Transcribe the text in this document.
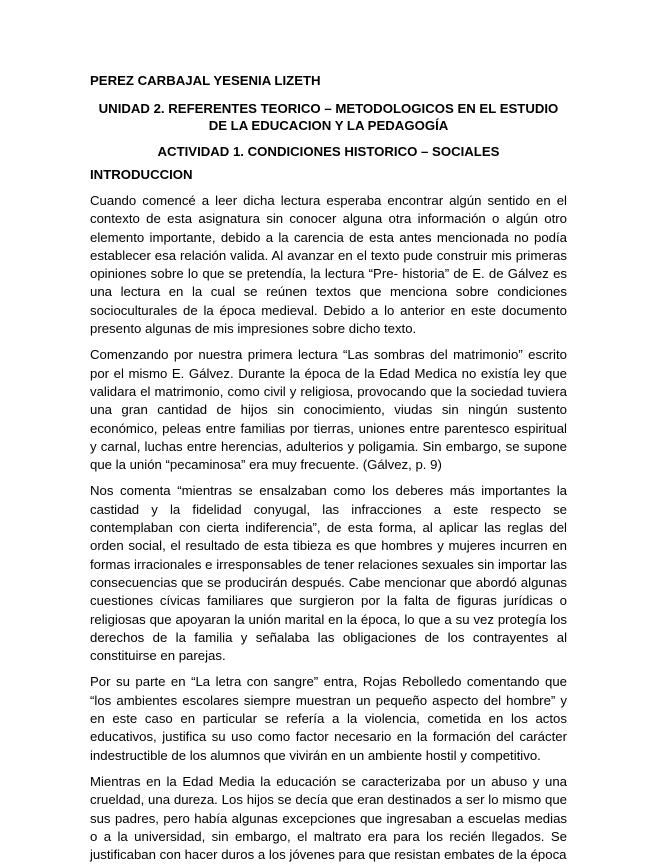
PEREZ CARBAJAL YESENIA LIZETH
UNIDAD 2. REFERENTES TEORICO – METODOLOGICOS EN EL ESTUDIO DE LA EDUCACION Y LA PEDAGOGÍA
ACTIVIDAD 1. CONDICIONES HISTORICO – SOCIALES
INTRODUCCION

Cuando comencé a leer dicha lectura esperaba encontrar algún sentido en el contexto de esta asignatura sin conocer alguna otra información o algún otro elemento importante, debido a la carencia de esta antes mencionada no podía establecer esa relación valida. Al avanzar en el texto pude construir mis primeras opiniones sobre lo que se pretendía, la lectura “Pre- historia” de E. de Gálvez es una lectura en la cual se reúnen textos que menciona sobre condiciones socioculturales de la época medieval. Debido a lo anterior en este documento presento algunas de mis impresiones sobre dicho texto.

Comenzando por nuestra primera lectura “Las sombras del matrimonio” escrito por el mismo E. Gálvez. Durante la época de la Edad Medica no existía ley que validara el matrimonio, como civil y religiosa, provocando que la sociedad tuviera una gran cantidad de hijos sin conocimiento, viudas sin ningún sustento económico, peleas entre familias por tierras, uniones entre parentesco espiritual y carnal, luchas entre herencias, adulterios y poligamia. Sin embargo, se supone que la unión “pecaminosa” era muy frecuente. (Gálvez, p. 9)

Nos comenta “mientras se ensalzaban como los deberes más importantes la castidad y la fidelidad conyugal, las infracciones a este respecto se contemplaban con cierta indiferencia”, de esta forma, al aplicar las reglas del orden social, el resultado de esta tibieza es que hombres y mujeres incurren en formas irracionales e irresponsables de tener relaciones sexuales sin importar las consecuencias que se producirán después. Cabe mencionar que abordó algunas cuestiones cívicas familiares que surgieron por la falta de figuras jurídicas o religiosas que apoyaran la unión marital en la época, lo que a su vez protegía los derechos de la familia y señalaba las obligaciones de los contrayentes al constituirse en parejas.

Por su parte en “La letra con sangre” entra, Rojas Rebolledo comentando que “los ambientes escolares siempre muestran un pequeño aspecto del hombre” y en este caso en particular se refería a la violencia, cometida en los actos educativos, justifica su uso como factor necesario en la formación del carácter indestructible de los alumnos que vivirán en un ambiente hostil y competitivo.

Mientras en la Edad Media la educación se caracterizaba por un abuso y una crueldad, una dureza. Los hijos se decía que eran destinados a ser lo mismo que sus padres, pero había algunas excepciones que ingresaban a escuelas medias o a la universidad, sin embargo, el maltrato era para los recién llegados. Se justificaban con hacer duros a los jóvenes para que resistan embates de la época
